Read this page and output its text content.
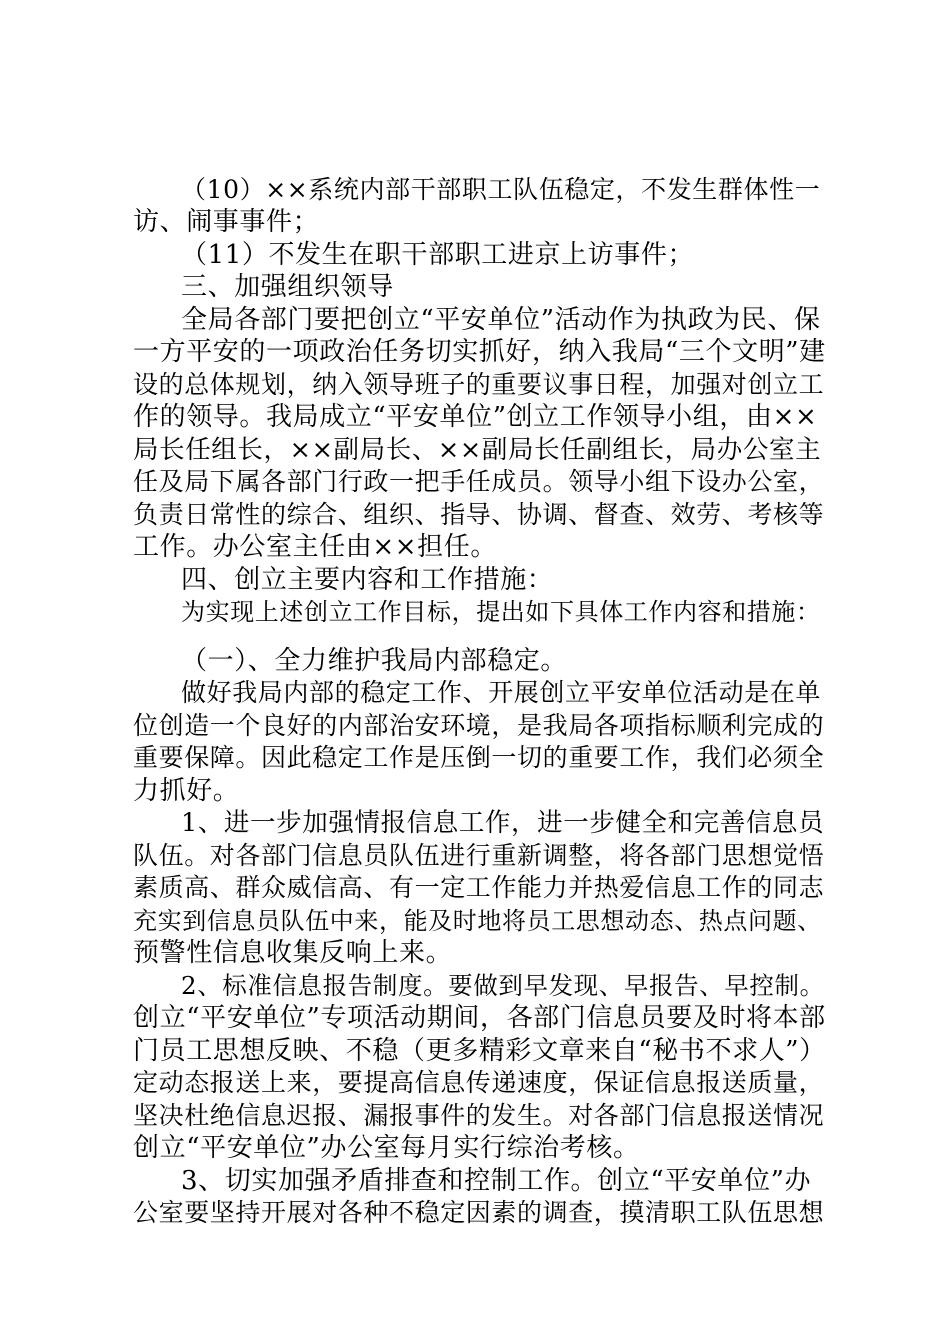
（10）××系统内部干部职工队伍稳定，不发生群体性一
访、闹事事件；
（11）不发生在职干部职工进京上访事件；
三、加强组织领导
全局各部门要把创立“平安单位”活动作为执政为民、保
一方平安的一项政治任务切实抓好，纳入我局“三个文明”建
设的总体规划，纳入领导班子的重要议事日程，加强对创立工
作的领导。我局成立“平安单位”创立工作领导小组，由××
局长任组长，××副局长、××副局长任副组长，局办公室主
任及局下属各部门行政一把手任成员。领导小组下设办公室，
负责日常性的综合、组织、指导、协调、督查、效劳、考核等
工作。办公室主任由××担任。
四、创立主要内容和工作措施：
为实现上述创立工作目标，提出如下具体工作内容和措施：
（一）、全力维护我局内部稳定。
做好我局内部的稳定工作、开展创立平安单位活动是在单
位创造一个良好的内部治安环境，是我局各项指标顺利完成的
重要保障。因此稳定工作是压倒一切的重要工作，我们必须全
力抓好。
1、进一步加强情报信息工作，进一步健全和完善信息员
队伍。对各部门信息员队伍进行重新调整，将各部门思想觉悟
素质高、群众威信高、有一定工作能力并热爱信息工作的同志
充实到信息员队伍中来，能及时地将员工思想动态、热点问题、
预警性信息收集反响上来。
2、标准信息报告制度。要做到早发现、早报告、早控制。
创立“平安单位”专项活动期间，各部门信息员要及时将本部
门员工思想反映、不稳（更多精彩文章来自“秘书不求人”）
定动态报送上来，要提高信息传递速度，保证信息报送质量，
坚决杜绝信息迟报、漏报事件的发生。对各部门信息报送情况
创立“平安单位”办公室每月实行综治考核。
3、切实加强矛盾排查和控制工作。创立“平安单位”办
公室要坚持开展对各种不稳定因素的调查，摸清职工队伍思想
